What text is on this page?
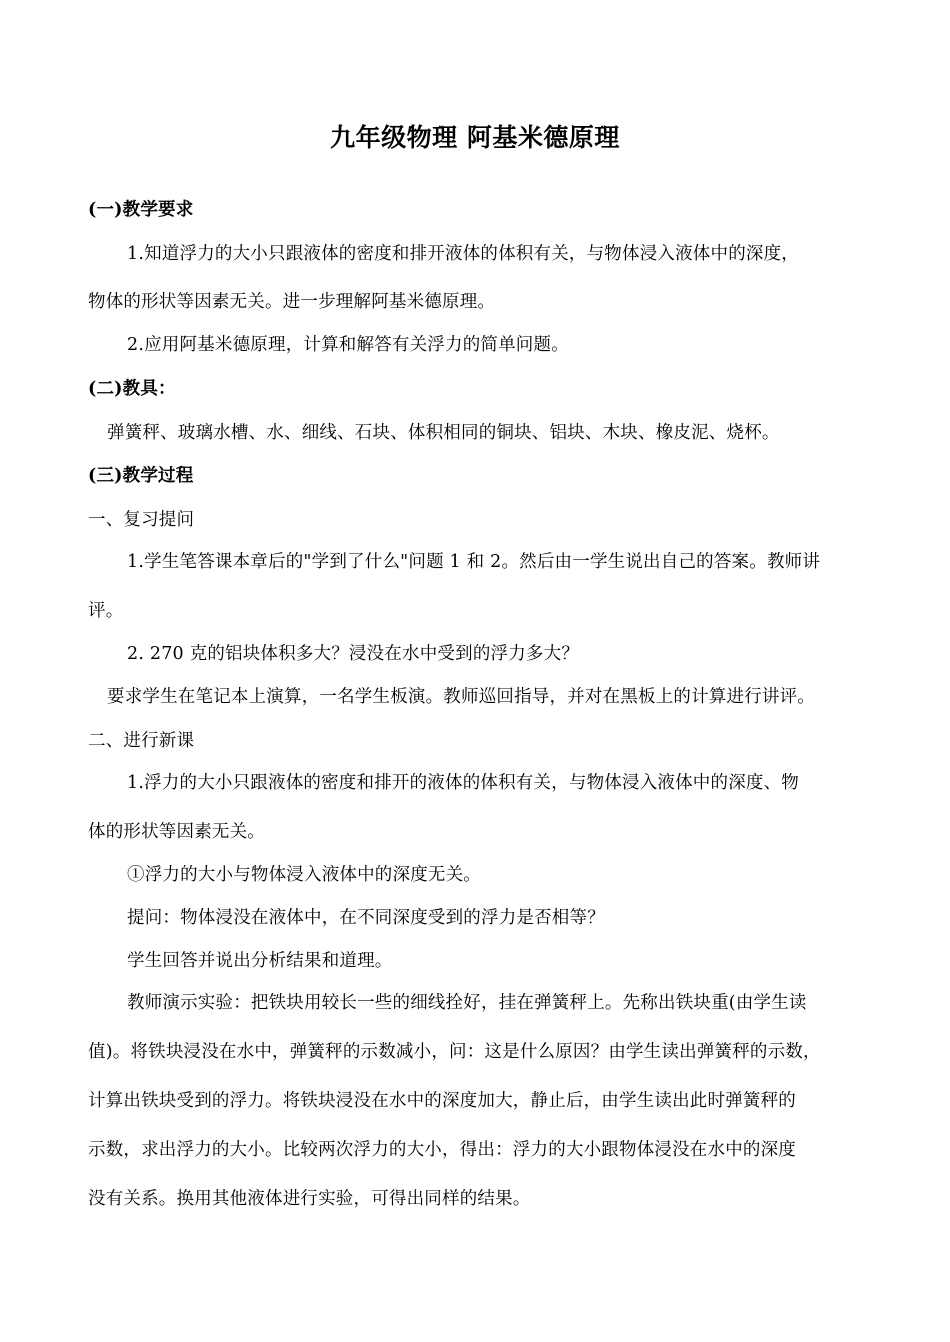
九年级物理 阿基米德原理
(一)教学要求
1.知道浮力的大小只跟液体的密度和排开液体的体积有关，与物体浸入液体中的深度，
物体的形状等因素无关。进一步理解阿基米德原理。
2.应用阿基米德原理，计算和解答有关浮力的简单问题。
(二)教具：
弹簧秤、玻璃水槽、水、细线、石块、体积相同的铜块、铝块、木块、橡皮泥、烧杯。
(三)教学过程
一、复习提问
1.学生笔答课本章后的"学到了什么"问题 1 和 2。然后由一学生说出自己的答案。教师讲
评。
2. 270 克的铝块体积多大？浸没在水中受到的浮力多大？
要求学生在笔记本上演算，一名学生板演。教师巡回指导，并对在黑板上的计算进行讲评。
二、进行新课
1.浮力的大小只跟液体的密度和排开的液体的体积有关，与物体浸入液体中的深度、物
体的形状等因素无关。
①浮力的大小与物体浸入液体中的深度无关。
提问：物体浸没在液体中，在不同深度受到的浮力是否相等？
学生回答并说出分析结果和道理。
教师演示实验：把铁块用较长一些的细线拴好，挂在弹簧秤上。先称出铁块重(由学生读
值)。将铁块浸没在水中，弹簧秤的示数减小，问：这是什么原因？由学生读出弹簧秤的示数，
计算出铁块受到的浮力。将铁块浸没在水中的深度加大，静止后，由学生读出此时弹簧秤的
示数，求出浮力的大小。比较两次浮力的大小，得出：浮力的大小跟物体浸没在水中的深度
没有关系。换用其他液体进行实验，可得出同样的结果。
